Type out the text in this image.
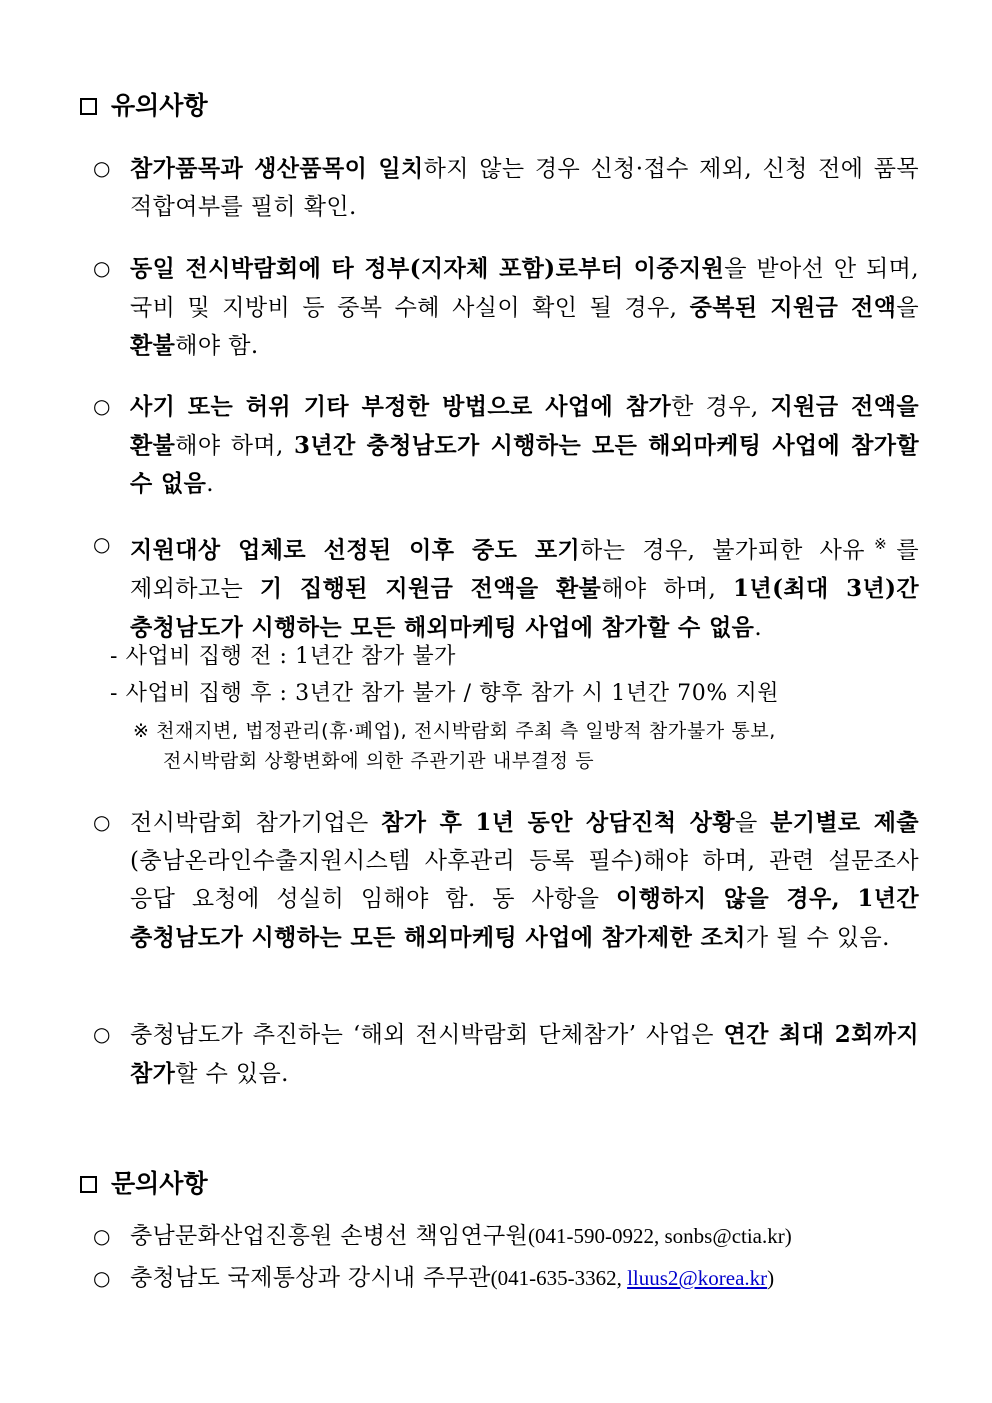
유의사항
○ 참가품목과 생산품목이 일치하지 않는 경우 신청·접수 제외, 신청 전에 품목 적합여부를 필히 확인.
○ 동일 전시박람회에 타 정부(지자체 포함)로부터 이중지원을 받아선 안 되며, 국비 및 지방비 등 중복 수혜 사실이 확인 될 경우, 중복된 지원금 전액을 환불해야 함.
○ 사기 또는 허위 기타 부정한 방법으로 사업에 참가한 경우, 지원금 전액을 환불해야 하며, 3년간 충청남도가 시행하는 모든 해외마케팅 사업에 참가할 수 없음.
○ 지원대상 업체로 선정된 이후 중도 포기하는 경우, 불가피한 사유※를 제외하고는 기 집행된 지원금 전액을 환불해야 하며, 1년(최대 3년)간 충청남도가 시행하는 모든 해외마케팅 사업에 참가할 수 없음.
- 사업비 집행 전 : 1년간 참가 불가
- 사업비 집행 후 : 3년간 참가 불가 / 향후 참가 시 1년간 70% 지원
※ 천재지변, 법정관리(휴·폐업), 전시박람회 주최 측 일방적 참가불가 통보,
전시박람회 상황변화에 의한 주관기관 내부결정 등
○ 전시박람회 참가기업은 참가 후 1년 동안 상담진척 상황을 분기별로 제출(충남온라인수출지원시스템 사후관리 등록 필수)해야 하며, 관련 설문조사 응답 요청에 성실히 임해야 함. 동 사항을 이행하지 않을 경우, 1년간 충청남도가 시행하는 모든 해외마케팅 사업에 참가제한 조치가 될 수 있음.
○ 충청남도가 추진하는 ‘해외 전시박람회 단체참가’ 사업은 연간 최대 2회까지 참가할 수 있음.
문의사항
○ 충남문화산업진흥원 손병선 책임연구원(041-590-0922, sonbs@ctia.kr)
○ 충청남도 국제통상과 강시내 주무관(041-635-3362, lluus2@korea.kr)
